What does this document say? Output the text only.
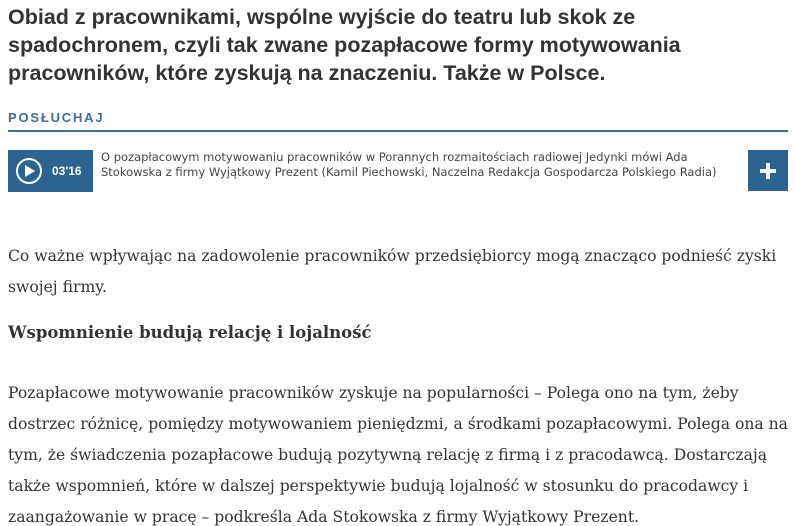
Obiad z pracownikami, wspólne wyjście do teatru lub skok ze spadochronem, czyli tak zwane pozapłacowe formy motywowania pracowników, które zyskują na znaczeniu. Także w Polsce.
POSŁUCHAJ
03'16

O pozapłacowym motywowaniu pracowników w Porannych rozmaitościach radiowej Jedynki mówi Ada Stokowska z firmy Wyjątkowy Prezent (Kamil Piechowski, Naczelna Redakcja Gospodarcza Polskiego Radia)

Co ważne wpływając na zadowolenie pracowników przedsiębiorcy mogą znacząco podnieść zyski swojej firmy.

Wspomnienie budują relację i lojalność

Pozapłacowe motywowanie pracowników zyskuje na popularności – Polega ono na tym, żeby dostrzec różnicę, pomiędzy motywowaniem pieniędzmi, a środkami pozapłacowymi. Polega ona na tym, że świadczenia pozapłacowe budują pozytywną relację z firmą i z pracodawcą. Dostarczają także wspomnień, które w dalszej perspektywie budują lojalność w stosunku do pracodawcy i zaangażowanie w pracę – podkreśla Ada Stokowska z firmy Wyjątkowy Prezent.
